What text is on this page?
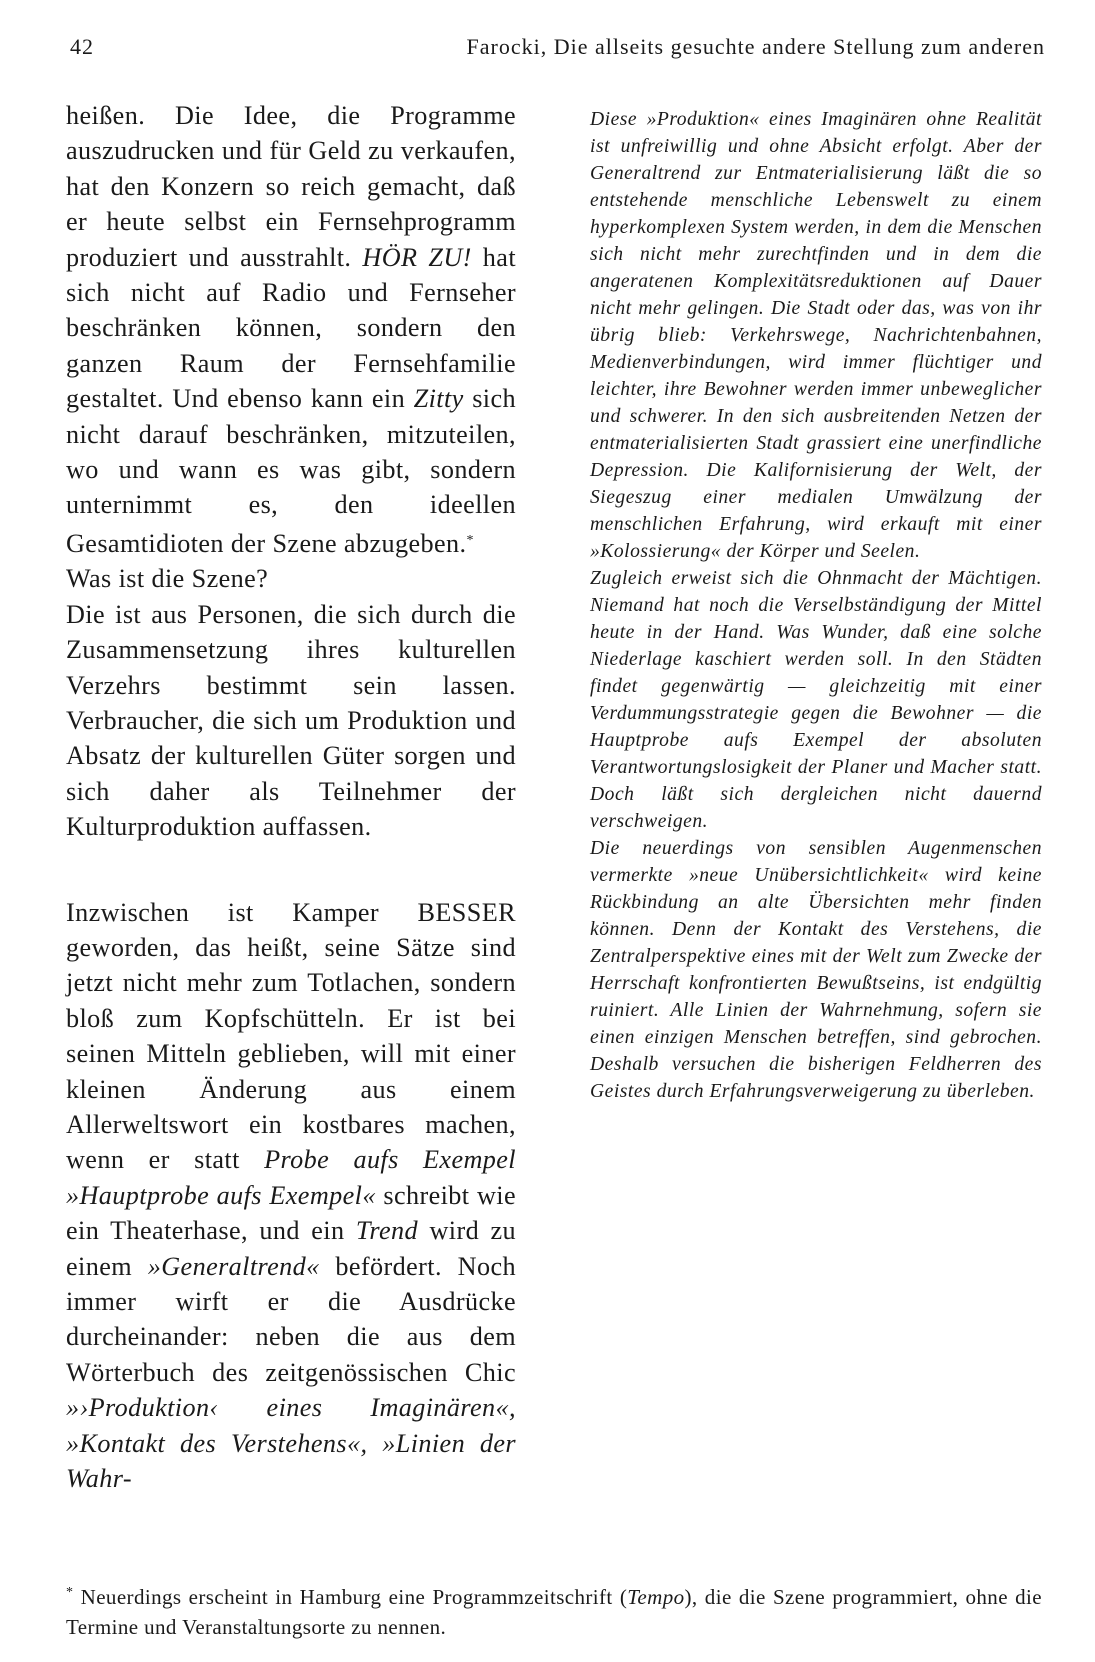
42	Farocki, Die allseits gesuchte andere Stellung zum anderen

heißen. Die Idee, die Programme auszudrucken und für Geld zu verkaufen, hat den Konzern so reich gemacht, daß er heute selbst ein Fernsehprogramm produziert und ausstrahlt. HÖR ZU! hat sich nicht auf Radio und Fernseher beschränken können, sondern den ganzen Raum der Fernsehfamilie gestaltet. Und ebenso kann ein Zitty sich nicht darauf beschränken, mitzuteilen, wo und wann es was gibt, sondern unternimmt es, den ideellen Gesamtidioten der Szene abzugeben.*

Was ist die Szene?

Die ist aus Personen, die sich durch die Zusammensetzung ihres kulturellen Verzehrs bestimmt sein lassen. Verbraucher, die sich um Produktion und Absatz der kulturellen Güter sorgen und sich daher als Teilnehmer der Kulturproduktion auffassen.

Inzwischen ist Kamper BESSER geworden, das heißt, seine Sätze sind jetzt nicht mehr zum Totlachen, sondern bloß zum Kopfschütteln. Er ist bei seinen Mitteln geblieben, will mit einer kleinen Änderung aus einem Allerweltswort ein kostbares machen, wenn er statt Probe aufs Exempel »Hauptprobe aufs Exempel« schreibt wie ein Theaterhase, und ein Trend wird zu einem »Generaltrend« befördert. Noch immer wirft er die Ausdrücke durcheinander: neben die aus dem Wörterbuch des zeitgenössischen Chic »›Produktion‹ eines Imaginären«, »Kontakt des Verstehens«, »Linien der Wahr-

Diese »Produktion« eines Imaginären ohne Realität ist unfreiwillig und ohne Absicht erfolgt. Aber der Generaltrend zur Entmaterialisierung läßt die so entstehende menschliche Lebenswelt zu einem hyperkomplexen System werden, in dem die Menschen sich nicht mehr zurechtfinden und in dem die angeratenen Komplexitätsreduktionen auf Dauer nicht mehr gelingen. Die Stadt oder das, was von ihr übrig blieb: Verkehrswege, Nachrichtenbahnen, Medienverbindungen, wird immer flüchtiger und leichter, ihre Bewohner werden immer unbeweglicher und schwerer. In den sich ausbreitenden Netzen der entmaterialisierten Stadt grassiert eine unerfindliche Depression. Die Kalifornisierung der Welt, der Siegeszug einer medialen Umwälzung der menschlichen Erfahrung, wird erkauft mit einer »Kolossierung« der Körper und Seelen.

Zugleich erweist sich die Ohnmacht der Mächtigen. Niemand hat noch die Verselbständigung der Mittel heute in der Hand. Was Wunder, daß eine solche Niederlage kaschiert werden soll. In den Städten findet gegenwärtig — gleichzeitig mit einer Verdummungsstrategie gegen die Bewohner — die Hauptprobe aufs Exempel der absoluten Verantwortungslosigkeit der Planer und Macher statt. Doch läßt sich dergleichen nicht dauernd verschweigen.

Die neuerdings von sensiblen Augenmenschen vermerkte »neue Unübersichtlichkeit« wird keine Rückbindung an alte Übersichten mehr finden können. Denn der Kontakt des Verstehens, die Zentralperspektive eines mit der Welt zum Zwecke der Herrschaft konfrontierten Bewußtseins, ist endgültig ruiniert. Alle Linien der Wahrnehmung, sofern sie einen einzigen Menschen betreffen, sind gebrochen. Deshalb versuchen die bisherigen Feldherren des Geistes durch Erfahrungsverweigerung zu überleben.

* Neuerdings erscheint in Hamburg eine Programmzeitschrift (Tempo), die die Szene programmiert, ohne die Termine und Veranstaltungsorte zu nennen.
